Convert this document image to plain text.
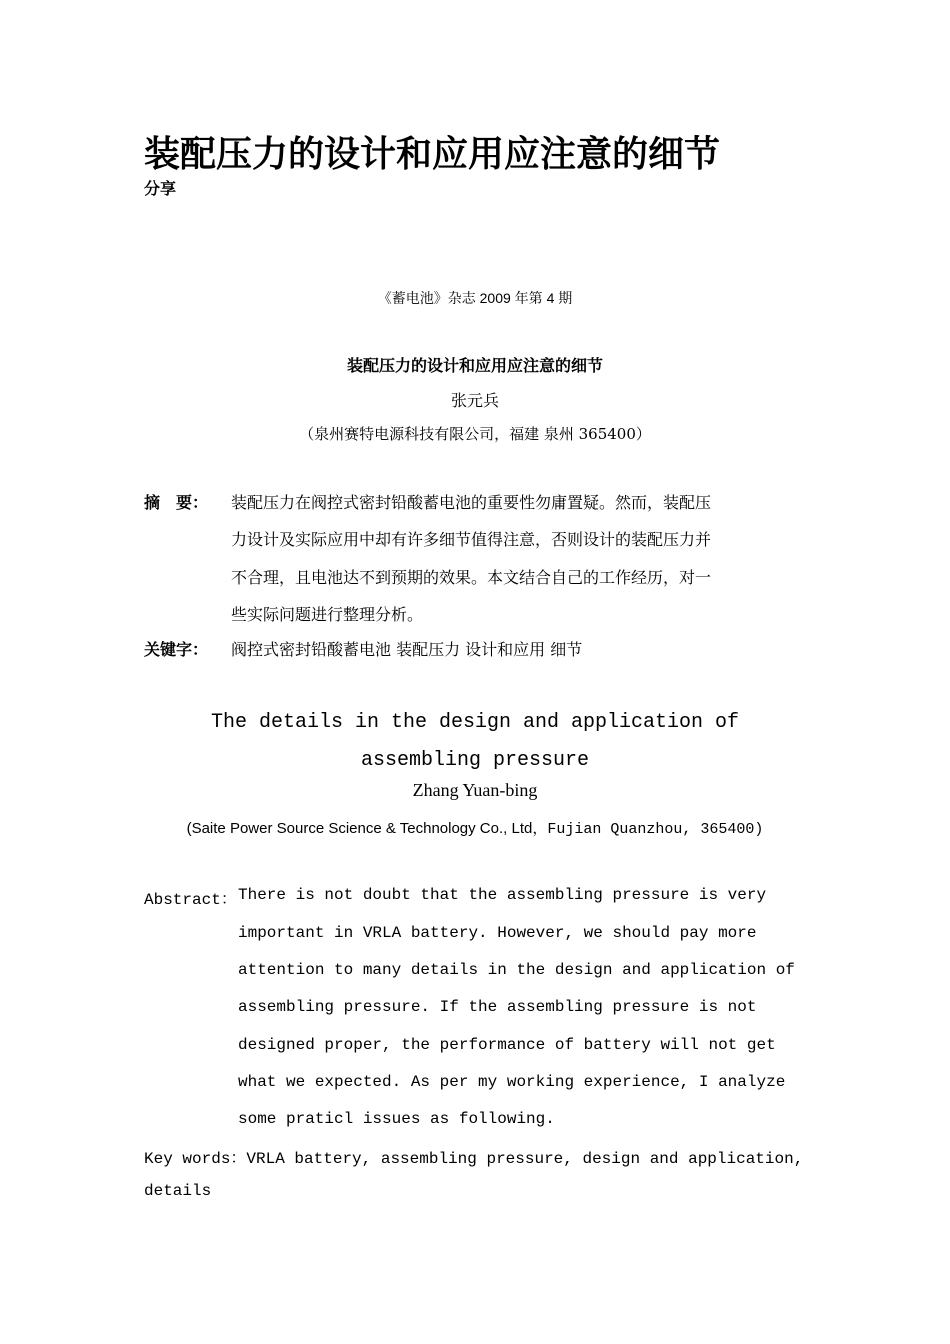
装配压力的设计和应用应注意的细节
分享
《蓄电池》杂志 2009 年第 4 期
装配压力的设计和应用应注意的细节
张元兵
（泉州赛特电源科技有限公司，福建 泉州 365400）
摘　要： 装配压力在阀控式密封铅酸蓄电池的重要性勿庸置疑。然而，装配压
力设计及实际应用中却有许多细节值得注意，否则设计的装配压力并
不合理，且电池达不到预期的效果。本文结合自己的工作经历，对一
些实际问题进行整理分析。
关键字： 阀控式密封铅酸蓄电池 装配压力 设计和应用 细节
The details in the design and application of assembling pressure
Zhang Yuan-bing
(Saite Power Source Science & Technology Co., Ltd，Fujian Quanzhou, 365400)
Abstract： There is not doubt that the assembling pressure is very
important in VRLA battery. However, we should pay more
attention to many details in the design and application of
assembling pressure. If the assembling pressure is not
designed proper, the performance of battery will not get
what we expected. As per my working experience, I analyze
some praticl issues as following.
Key words：VRLA battery, assembling pressure, design and application,
details
